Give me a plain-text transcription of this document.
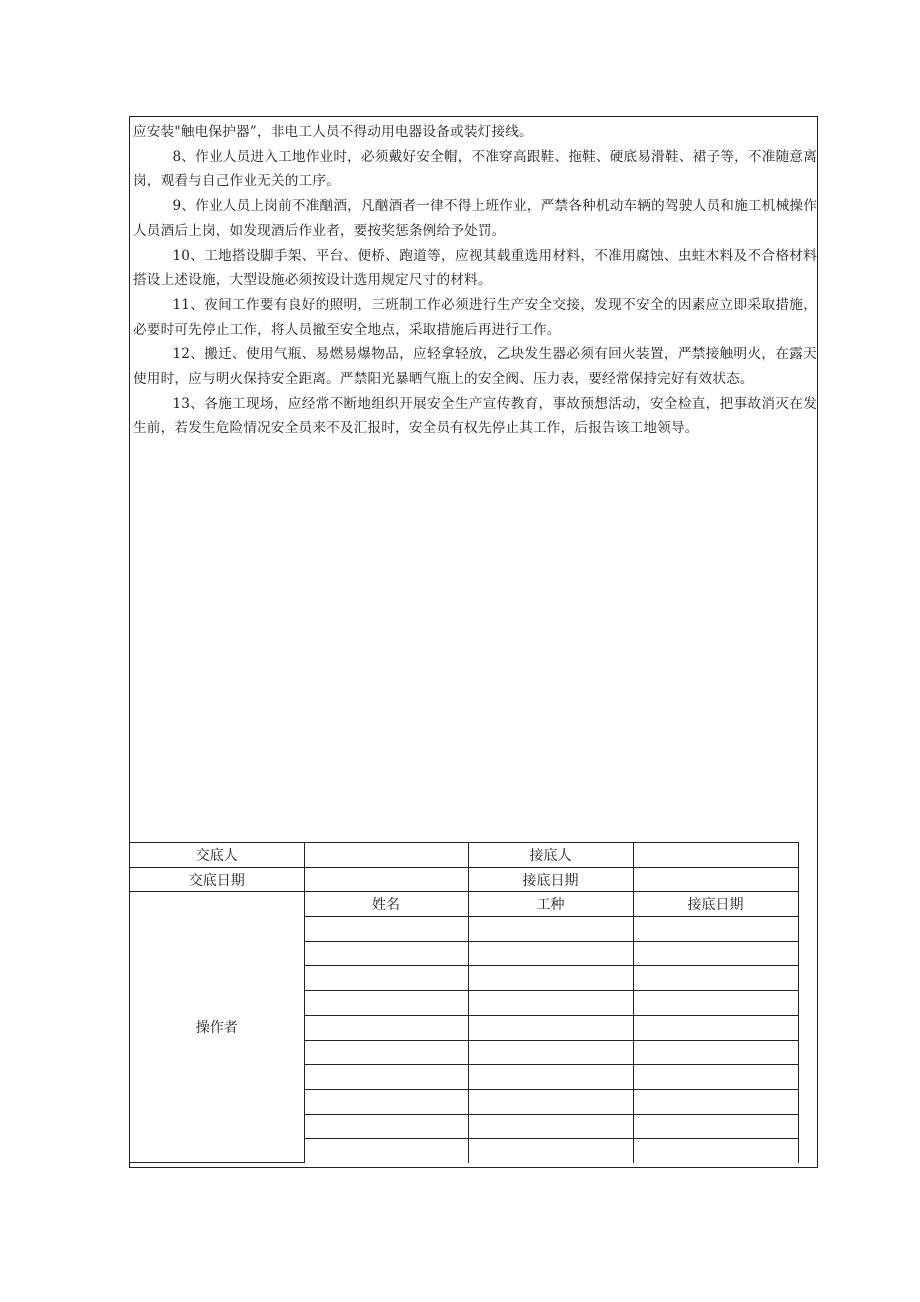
应安装"触电保护器”，非电工人员不得动用电器设备或装灯接线。

8、作业人员进入工地作业时，必须戴好安全帽，不准穿高跟鞋、拖鞋、硬底易滑鞋、裙子等，不准随意离岗，观看与自己作业无关的工序。

9、作业人员上岗前不准酗酒，凡酗酒者一律不得上班作业，严禁各种机动车辆的驾驶人员和施工机械操作人员酒后上岗，如发现酒后作业者，要按奖惩条例给予处罚。

10、工地搭设脚手架、平台、便桥、跑道等，应视其载重选用材料，不准用腐蚀、虫蛀木料及不合格材料搭设上述设施，大型设施必须按设计选用规定尺寸的材料。

11、夜间工作要有良好的照明，三班制工作必须进行生产安全交接，发现不安全的因素应立即采取措施，必要时可先停止工作，将人员撤至安全地点，采取措施后再进行工作。

12、搬迁、使用气瓶、易燃易爆物品，应轻拿轻放，乙块发生器必须有回火装置，严禁接触明火，在露天使用时，应与明火保持安全距离。严禁阳光暴晒气瓶上的安全阀、压力表，要经常保持完好有效状态。

13、各施工现场，应经常不断地组织开展安全生产宣传教育，事故预想活动，安全检直，把事故消灭在发生前，若发生危险情况安全员来不及汇报时，安全员有权先停止其工作，后报告该工地领导。

交底人		接底人	
交底日期		接底日期	
操作者	姓名	工种	接底日期
